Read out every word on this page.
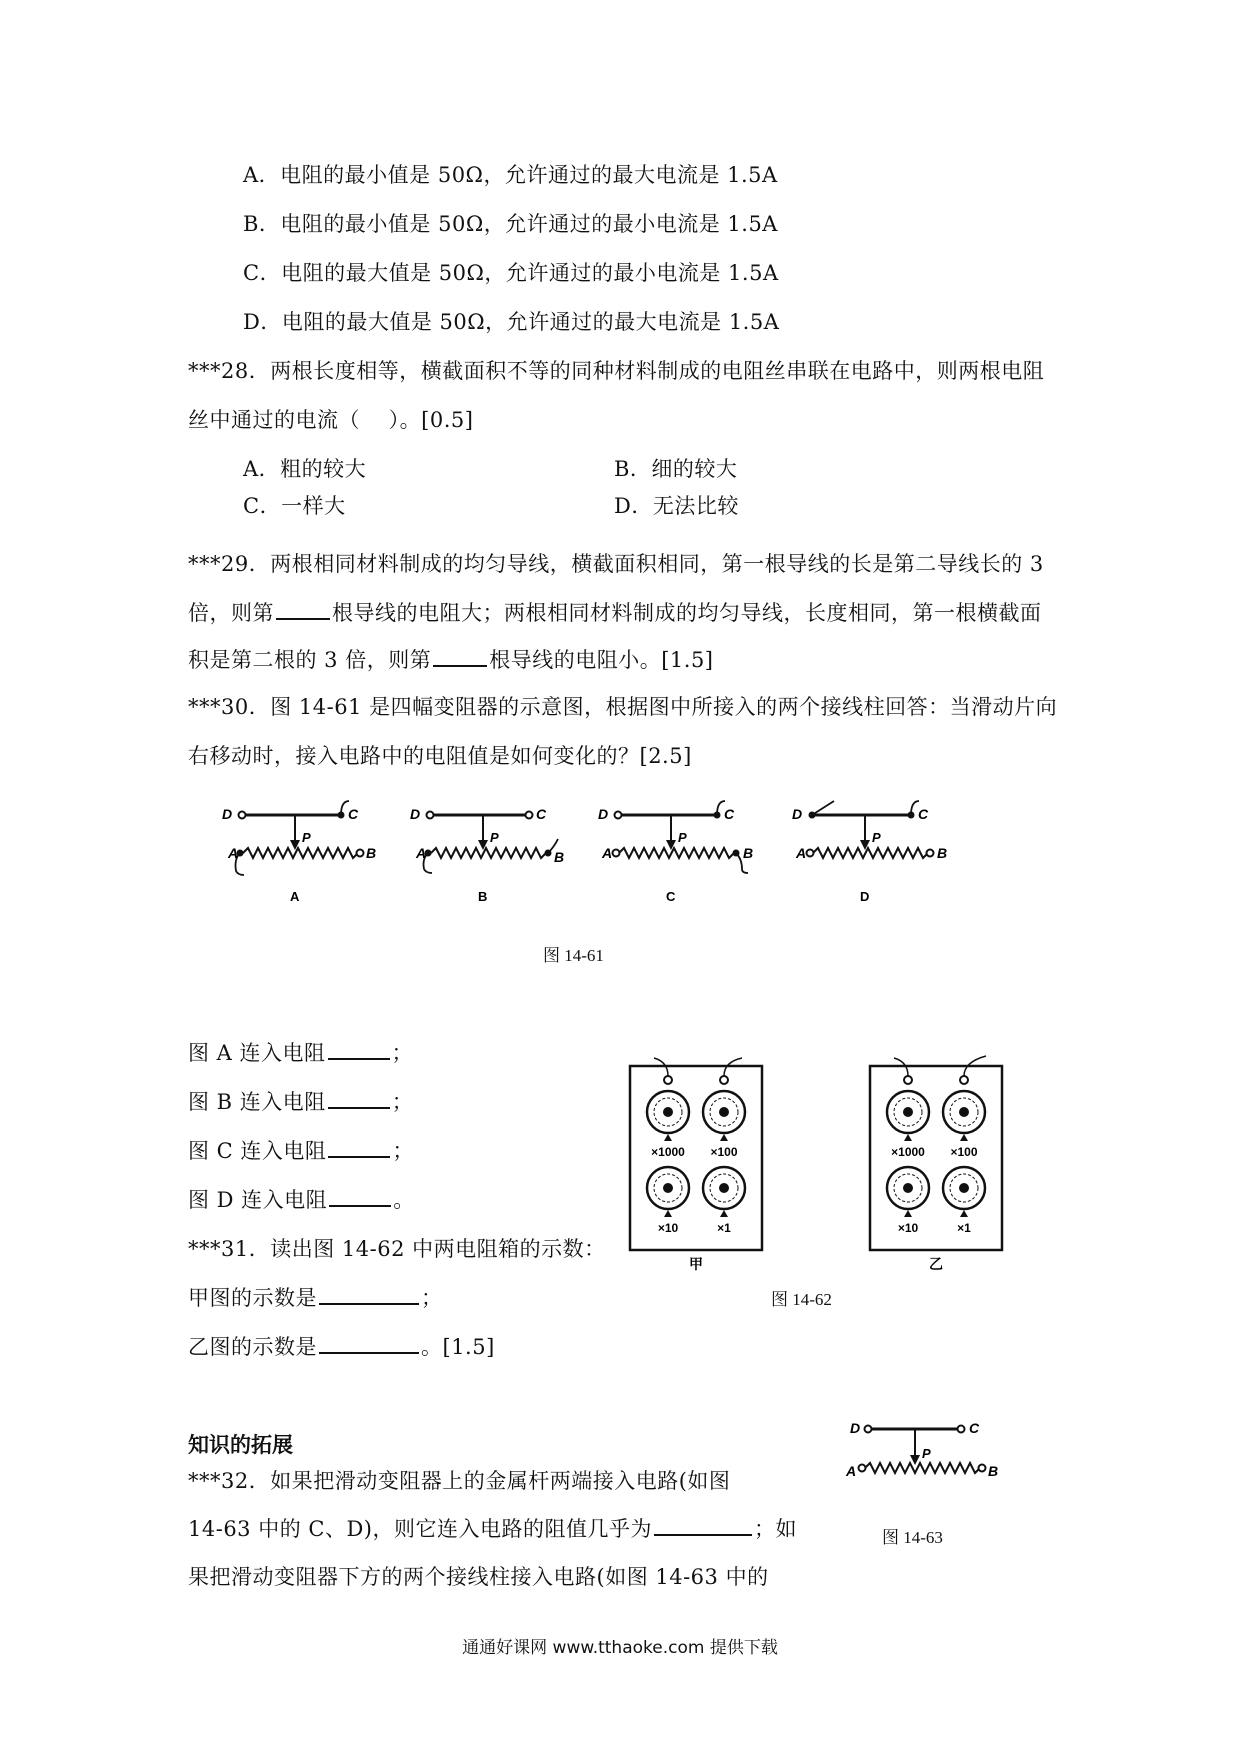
A．电阻的最小值是 50Ω，允许通过的最大电流是 1.5A
B．电阻的最小值是 50Ω，允许通过的最小电流是 1.5A
C．电阻的最大值是 50Ω，允许通过的最小电流是 1.5A
D．电阻的最大值是 50Ω，允许通过的最大电流是 1.5A
***28．两根长度相等，横截面积不等的同种材料制成的电阻丝串联在电路中，则两根电阻
丝中通过的电流（　 ）。[0.5]
A．粗的较大	B．细的较大
C．一样大	D．无法比较
***29．两根相同材料制成的均匀导线，横截面积相同，第一根导线的长是第二导线长的 3
倍，则第	根导线的电阻大；两根相同材料制成的均匀导线，长度相同，第一根横截面
积是第二根的 3 倍，则第	根导线的电阻小。[1.5]
***30．图 14-61 是四幅变阻器的示意图，根据图中所接入的两个接线柱回答：当滑动片向
右移动时，接入电路中的电阻值是如何变化的？[2.5]
D	C
P
A	B
A
D	C
P
A	B
B
D	C
P
A	B
C
D	C
P
A	B
D
图 14-61
图 A 连入电阻	；
图 B 连入电阻	；
图 C 连入电阻	；
图 D 连入电阻	。
***31．读出图 14-62 中两电阻箱的示数：
甲图的示数是	；
乙图的示数是	。[1.5]
×1000 ×100
×10	×1
甲
×1000 ×100
×10	×1
乙
图 14-62
知识的拓展
***32．如果把滑动变阻器上的金属杆两端接入电路(如图
14-63 中的 C、D)，则它连入电路的阻值几乎为	；如
果把滑动变阻器下方的两个接线柱接入电路(如图 14-63 中的
D	C
P
A	B
图 14-63
通通好课网 www.tthaoke.com 提供下载
